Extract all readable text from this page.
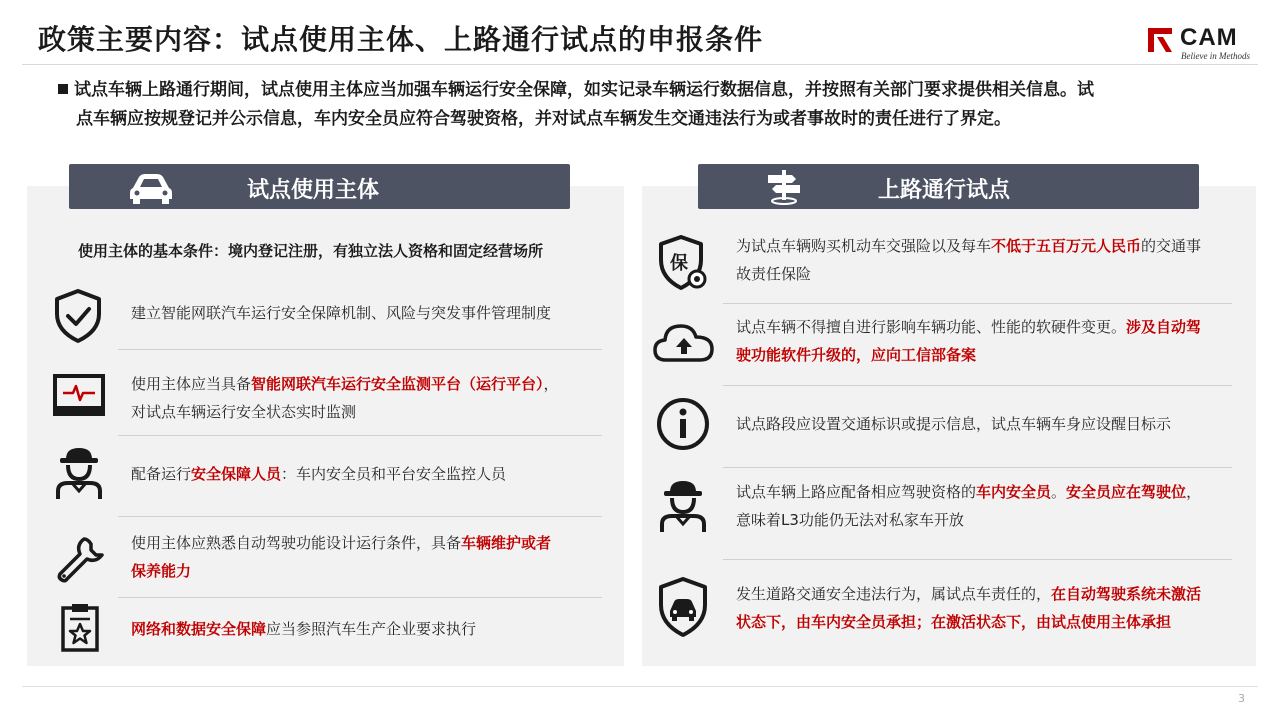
政策主要内容：试点使用主体、上路通行试点的申报条件	CAM
Believe in Methods
试点车辆上路通行期间，试点使用主体应当加强车辆运行安全保障，如实记录车辆运行数据信息，并按照有关部门要求提供相关信息。试
点车辆应按规登记并公示信息，车内安全员应符合驾驶资格，并对试点车辆发生交通违法行为或者事故时的责任进行了界定。
试点使用主体	上路通行试点
使用主体的基本条件：境内登记注册，有独立法人资格和固定经营场所
建立智能网联汽车运行安全保障机制、风险与突发事件管理制度
使用主体应当具备智能网联汽车运行安全监测平台（运行平台），
对试点车辆运行安全状态实时监测
配备运行安全保障人员：车内安全员和平台安全监控人员
使用主体应熟悉自动驾驶功能设计运行条件，具备车辆维护或者
保养能力
网络和数据安全保障应当参照汽车生产企业要求执行
保
为试点车辆购买机动车交强险以及每车不低于五百万元人民币的交通事
故责任保险
试点车辆不得擅自进行影响车辆功能、性能的软硬件变更。涉及自动驾
驶功能软件升级的，应向工信部备案
试点路段应设置交通标识或提示信息，试点车辆车身应设醒目标示
试点车辆上路应配备相应驾驶资格的车内安全员。安全员应在驾驶位，
意味着L3功能仍无法对私家车开放
发生道路交通安全违法行为，属试点车责任的，在自动驾驶系统未激活
状态下，由车内安全员承担；在激活状态下，由试点使用主体承担
3
